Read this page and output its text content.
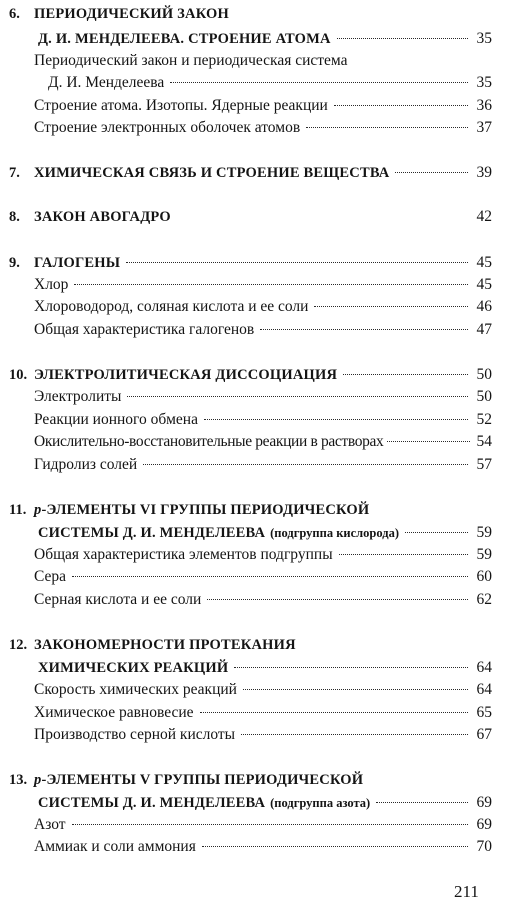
6. ПЕРИОДИЧЕСКИЙ ЗАКОН
Д. И. МЕНДЕЛЕЕВА. СТРОЕНИЕ АТОМА	35
Периодический закон и периодическая система
Д. И. Менделеева	35
Строение атома. Изотопы. Ядерные реакции	36
Строение электронных оболочек атомов	37
7. ХИМИЧЕСКАЯ СВЯЗЬ И СТРОЕНИЕ ВЕЩЕСТВА	39
8. ЗАКОН АВОГАДРО	42
9. ГАЛОГЕНЫ	45
Хлор	45
Хлороводород, соляная кислота и ее соли	46
Общая характеристика галогенов	47
10. ЭЛЕКТРОЛИТИЧЕСКАЯ ДИССОЦИАЦИЯ	50
Электролиты	50
Реакции ионного обмена	52
Окислительно-восстановительные реакции в растворах	54
Гидролиз солей	57
11. p-ЭЛЕМЕНТЫ VI ГРУППЫ ПЕРИОДИЧЕСКОЙ
СИСТЕМЫ Д. И. МЕНДЕЛЕЕВА (подгруппа кислорода)	59
Общая характеристика элементов подгруппы	59
Сера	60
Серная кислота и ее соли	62
12. ЗАКОНОМЕРНОСТИ ПРОТЕКАНИЯ
ХИМИЧЕСКИХ РЕАКЦИЙ	64
Скорость химических реакций	64
Химическое равновесие	65
Производство серной кислоты	67
13. p-ЭЛЕМЕНТЫ V ГРУППЫ ПЕРИОДИЧЕСКОЙ
СИСТЕМЫ Д. И. МЕНДЕЛЕЕВА (подгруппа азота)	69
Азот	69
Аммиак и соли аммония	70
211
